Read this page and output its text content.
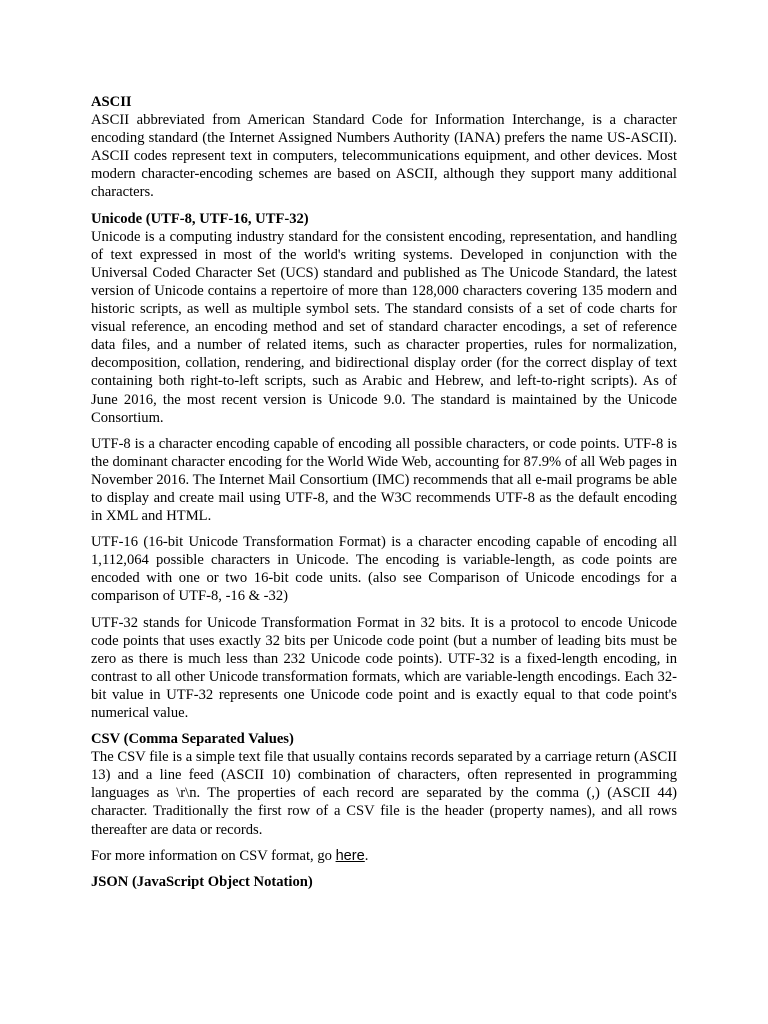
ASCII

ASCII abbreviated from American Standard Code for Information Interchange, is a character encoding standard (the Internet Assigned Numbers Authority (IANA) prefers the name US-ASCII). ASCII codes represent text in computers, telecommunications equipment, and other devices. Most modern character-encoding schemes are based on ASCII, although they support many additional characters.

Unicode (UTF-8, UTF-16, UTF-32)

Unicode is a computing industry standard for the consistent encoding, representation, and handling of text expressed in most of the world's writing systems. Developed in conjunction with the Universal Coded Character Set (UCS) standard and published as The Unicode Standard, the latest version of Unicode contains a repertoire of more than 128,000 characters covering 135 modern and historic scripts, as well as multiple symbol sets. The standard consists of a set of code charts for visual reference, an encoding method and set of standard character encodings, a set of reference data files, and a number of related items, such as character properties, rules for normalization, decomposition, collation, rendering, and bidirectional display order (for the correct display of text containing both right-to-left scripts, such as Arabic and Hebrew, and left-to-right scripts). As of June 2016, the most recent version is Unicode 9.0. The standard is maintained by the Unicode Consortium.

UTF-8 is a character encoding capable of encoding all possible characters, or code points. UTF-8 is the dominant character encoding for the World Wide Web, accounting for 87.9% of all Web pages in November 2016. The Internet Mail Consortium (IMC) recommends that all e-mail programs be able to display and create mail using UTF-8, and the W3C recommends UTF-8 as the default encoding in XML and HTML.

UTF-16 (16-bit Unicode Transformation Format) is a character encoding capable of encoding all 1,112,064 possible characters in Unicode. The encoding is variable-length, as code points are encoded with one or two 16-bit code units. (also see Comparison of Unicode encodings for a comparison of UTF-8, -16 & -32)

UTF-32 stands for Unicode Transformation Format in 32 bits. It is a protocol to encode Unicode code points that uses exactly 32 bits per Unicode code point (but a number of leading bits must be zero as there is much less than 232 Unicode code points). UTF-32 is a fixed-length encoding, in contrast to all other Unicode transformation formats, which are variable-length encodings. Each 32-bit value in UTF-32 represents one Unicode code point and is exactly equal to that code point's numerical value.

CSV (Comma Separated Values)

The CSV file is a simple text file that usually contains records separated by a carriage return (ASCII 13) and a line feed (ASCII 10) combination of characters, often represented in programming languages as \r\n. The properties of each record are separated by the comma (,) (ASCII 44) character. Traditionally the first row of a CSV file is the header (property names), and all rows thereafter are data or records.

For more information on CSV format, go here.

JSON (JavaScript Object Notation)
